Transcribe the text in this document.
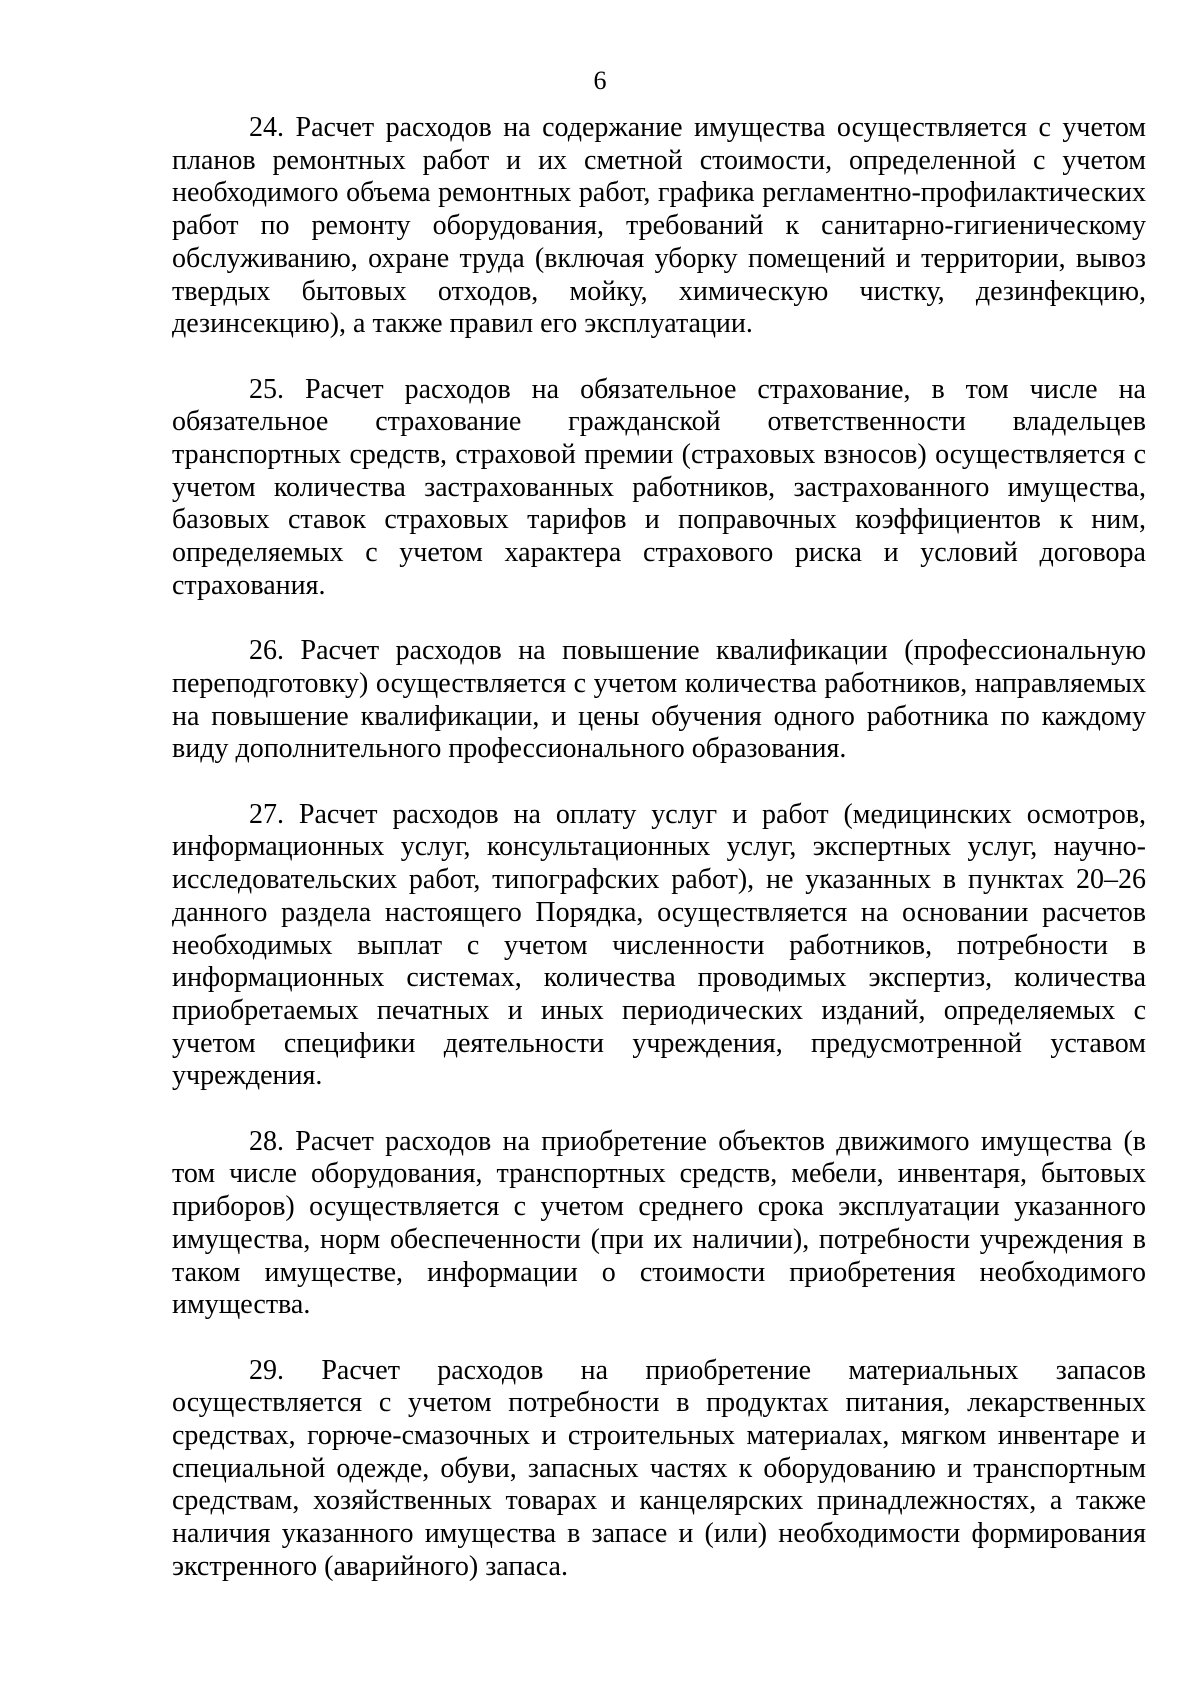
6

24. Расчет расходов на содержание имущества осуществляется с учетом планов ремонтных работ и их сметной стоимости, определенной с учетом необходимого объема ремонтных работ, графика регламентно-профилактических работ по ремонту оборудования, требований к санитарно-гигиеническому обслуживанию, охране труда (включая уборку помещений и территории, вывоз твердых бытовых отходов, мойку, химическую чистку, дезинфекцию, дезинсекцию), а также правил его эксплуатации.

25. Расчет расходов на обязательное страхование, в том числе на обязательное страхование гражданской ответственности владельцев транспортных средств, страховой премии (страховых взносов) осуществляется с учетом количества застрахованных работников, застрахованного имущества, базовых ставок страховых тарифов и поправочных коэффициентов к ним, определяемых с учетом характера страхового риска и условий договора страхования.

26. Расчет расходов на повышение квалификации (профессиональную переподготовку) осуществляется с учетом количества работников, направляемых на повышение квалификации, и цены обучения одного работника по каждому виду дополнительного профессионального образования.

27. Расчет расходов на оплату услуг и работ (медицинских осмотров, информационных услуг, консультационных услуг, экспертных услуг, научно-исследовательских работ, типографских работ), не указанных в пунктах 20–26 данного раздела настоящего Порядка, осуществляется на основании расчетов необходимых выплат с учетом численности работников, потребности в информационных системах, количества проводимых экспертиз, количества приобретаемых печатных и иных периодических изданий, определяемых с учетом специфики деятельности учреждения, предусмотренной уставом учреждения.

28. Расчет расходов на приобретение объектов движимого имущества (в том числе оборудования, транспортных средств, мебели, инвентаря, бытовых приборов) осуществляется с учетом среднего срока эксплуатации указанного имущества, норм обеспеченности (при их наличии), потребности учреждения в таком имуществе, информации о стоимости приобретения необходимого имущества.

29. Расчет расходов на приобретение материальных запасов осуществляется с учетом потребности в продуктах питания, лекарственных средствах, горюче-смазочных и строительных материалах, мягком инвентаре и специальной одежде, обуви, запасных частях к оборудованию и транспортным средствам, хозяйственных товарах и канцелярских принадлежностях, а также наличия указанного имущества в запасе и (или) необходимости формирования экстренного (аварийного) запаса.
